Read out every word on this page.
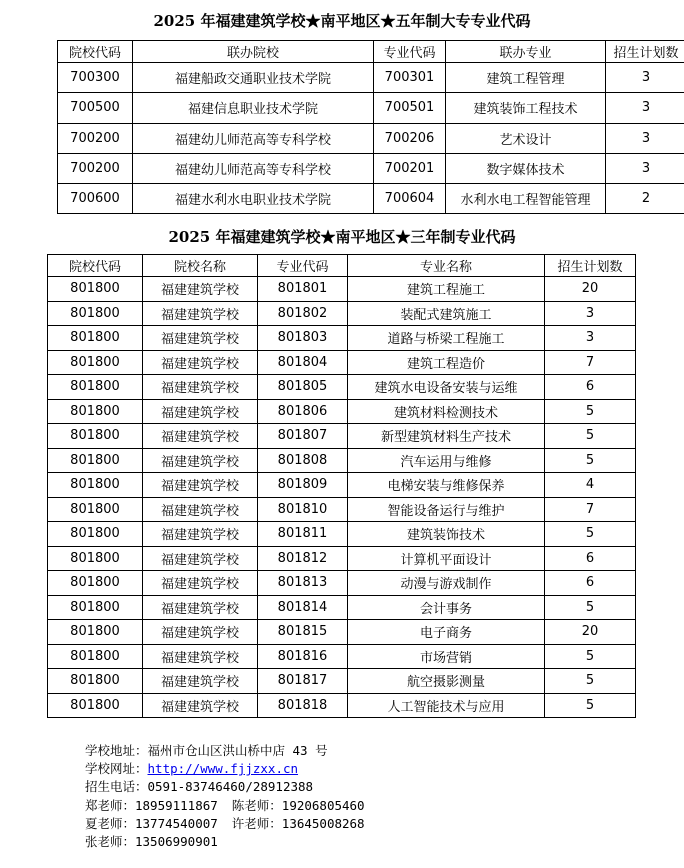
2025 年福建建筑学校★南平地区★五年制大专专业代码
院校代码	联办院校	专业代码	联办专业	招生计划数
700300	福建船政交通职业技术学院	700301	建筑工程管理	3
700500	福建信息职业技术学院	700501	建筑装饰工程技术	3
700200	福建幼儿师范高等专科学校	700206	艺术设计	3
700200	福建幼儿师范高等专科学校	700201	数字媒体技术	3
700600	福建水利水电职业技术学院	700604	水利水电工程智能管理	2
2025 年福建建筑学校★南平地区★三年制专业代码
院校代码	院校名称	专业代码	专业名称	招生计划数
801800	福建建筑学校	801801	建筑工程施工	20
801800	福建建筑学校	801802	装配式建筑施工	3
801800	福建建筑学校	801803	道路与桥梁工程施工	3
801800	福建建筑学校	801804	建筑工程造价	7
801800	福建建筑学校	801805	建筑水电设备安装与运维	6
801800	福建建筑学校	801806	建筑材料检测技术	5
801800	福建建筑学校	801807	新型建筑材料生产技术	5
801800	福建建筑学校	801808	汽车运用与维修	5
801800	福建建筑学校	801809	电梯安装与维修保养	4
801800	福建建筑学校	801810	智能设备运行与维护	7
801800	福建建筑学校	801811	建筑装饰技术	5
801800	福建建筑学校	801812	计算机平面设计	6
801800	福建建筑学校	801813	动漫与游戏制作	6
801800	福建建筑学校	801814	会计事务	5
801800	福建建筑学校	801815	电子商务	20
801800	福建建筑学校	801816	市场营销	5
801800	福建建筑学校	801817	航空摄影测量	5
801800	福建建筑学校	801818	人工智能技术与应用	5
学校地址：福州市仓山区洪山桥中店 43 号
学校网址：http://www.fjjzxx.cn
招生电话：0591-83746460/28912388
郑老师：18959111867 陈老师：19206805460
夏老师：13774540007 许老师：13645008268
张老师：13506990901
